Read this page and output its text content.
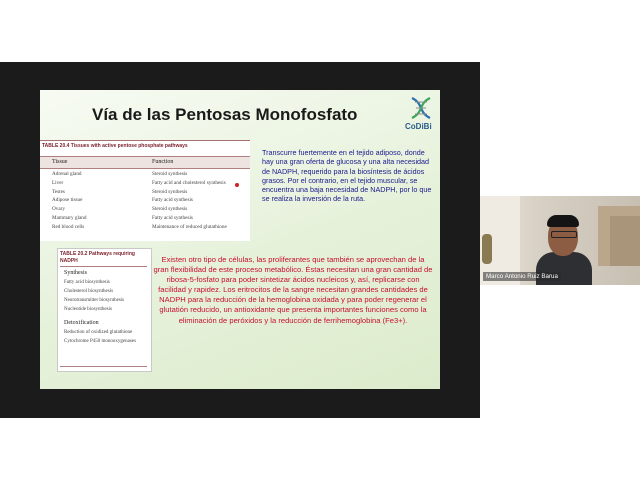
Vía de las Pentosas Monofosfato
CoDiBi
TABLE 20.4 Tissues with active pentose phosphate pathways
Tissue	Function
Adrenal gland	Steroid synthesis
Liver	Fatty acid and cholesterol synthesis
Testes	Steroid synthesis
Adipose tissue	Fatty acid synthesis
Ovary	Steroid synthesis
Mammary gland	Fatty acid synthesis
Red blood cells	Maintenance of reduced glutathione
TABLE 20.2 Pathways requiring NADPH
Synthesis
Fatty acid biosynthesis
Cholesterol biosynthesis
Neurotransmitter biosynthesis
Nucleotide biosynthesis
Detoxification
Reduction of oxidized glutathione
Cytochrome P450 monooxygenases
Transcurre fuertemente en el tejido adiposo, donde hay una gran oferta de glucosa y una alta necesidad de NADPH, requerido para la biosíntesis de ácidos grasos. Por el contrario, en el tejido muscular, se encuentra una baja necesidad de NADPH, por lo que se realiza la inversión de la ruta.
Existen otro tipo de células, las proliferantes que también se aprovechan de la gran flexibilidad de este proceso metabólico. Éstas necesitan una gran cantidad de ribosa-5-fosfato para poder sintetizar ácidos nucleicos y, así, replicarse con facilidad y rapidez. Los eritrocitos de la sangre necesitan grandes cantidades de NADPH para la reducción de la hemoglobina oxidada y para poder regenerar el glutatión reducido, un antioxidante que presenta importantes funciones como la eliminación de peróxidos y la reducción de ferrihemoglobina (Fe3+).
Marco Antonio Ruiz Barua
